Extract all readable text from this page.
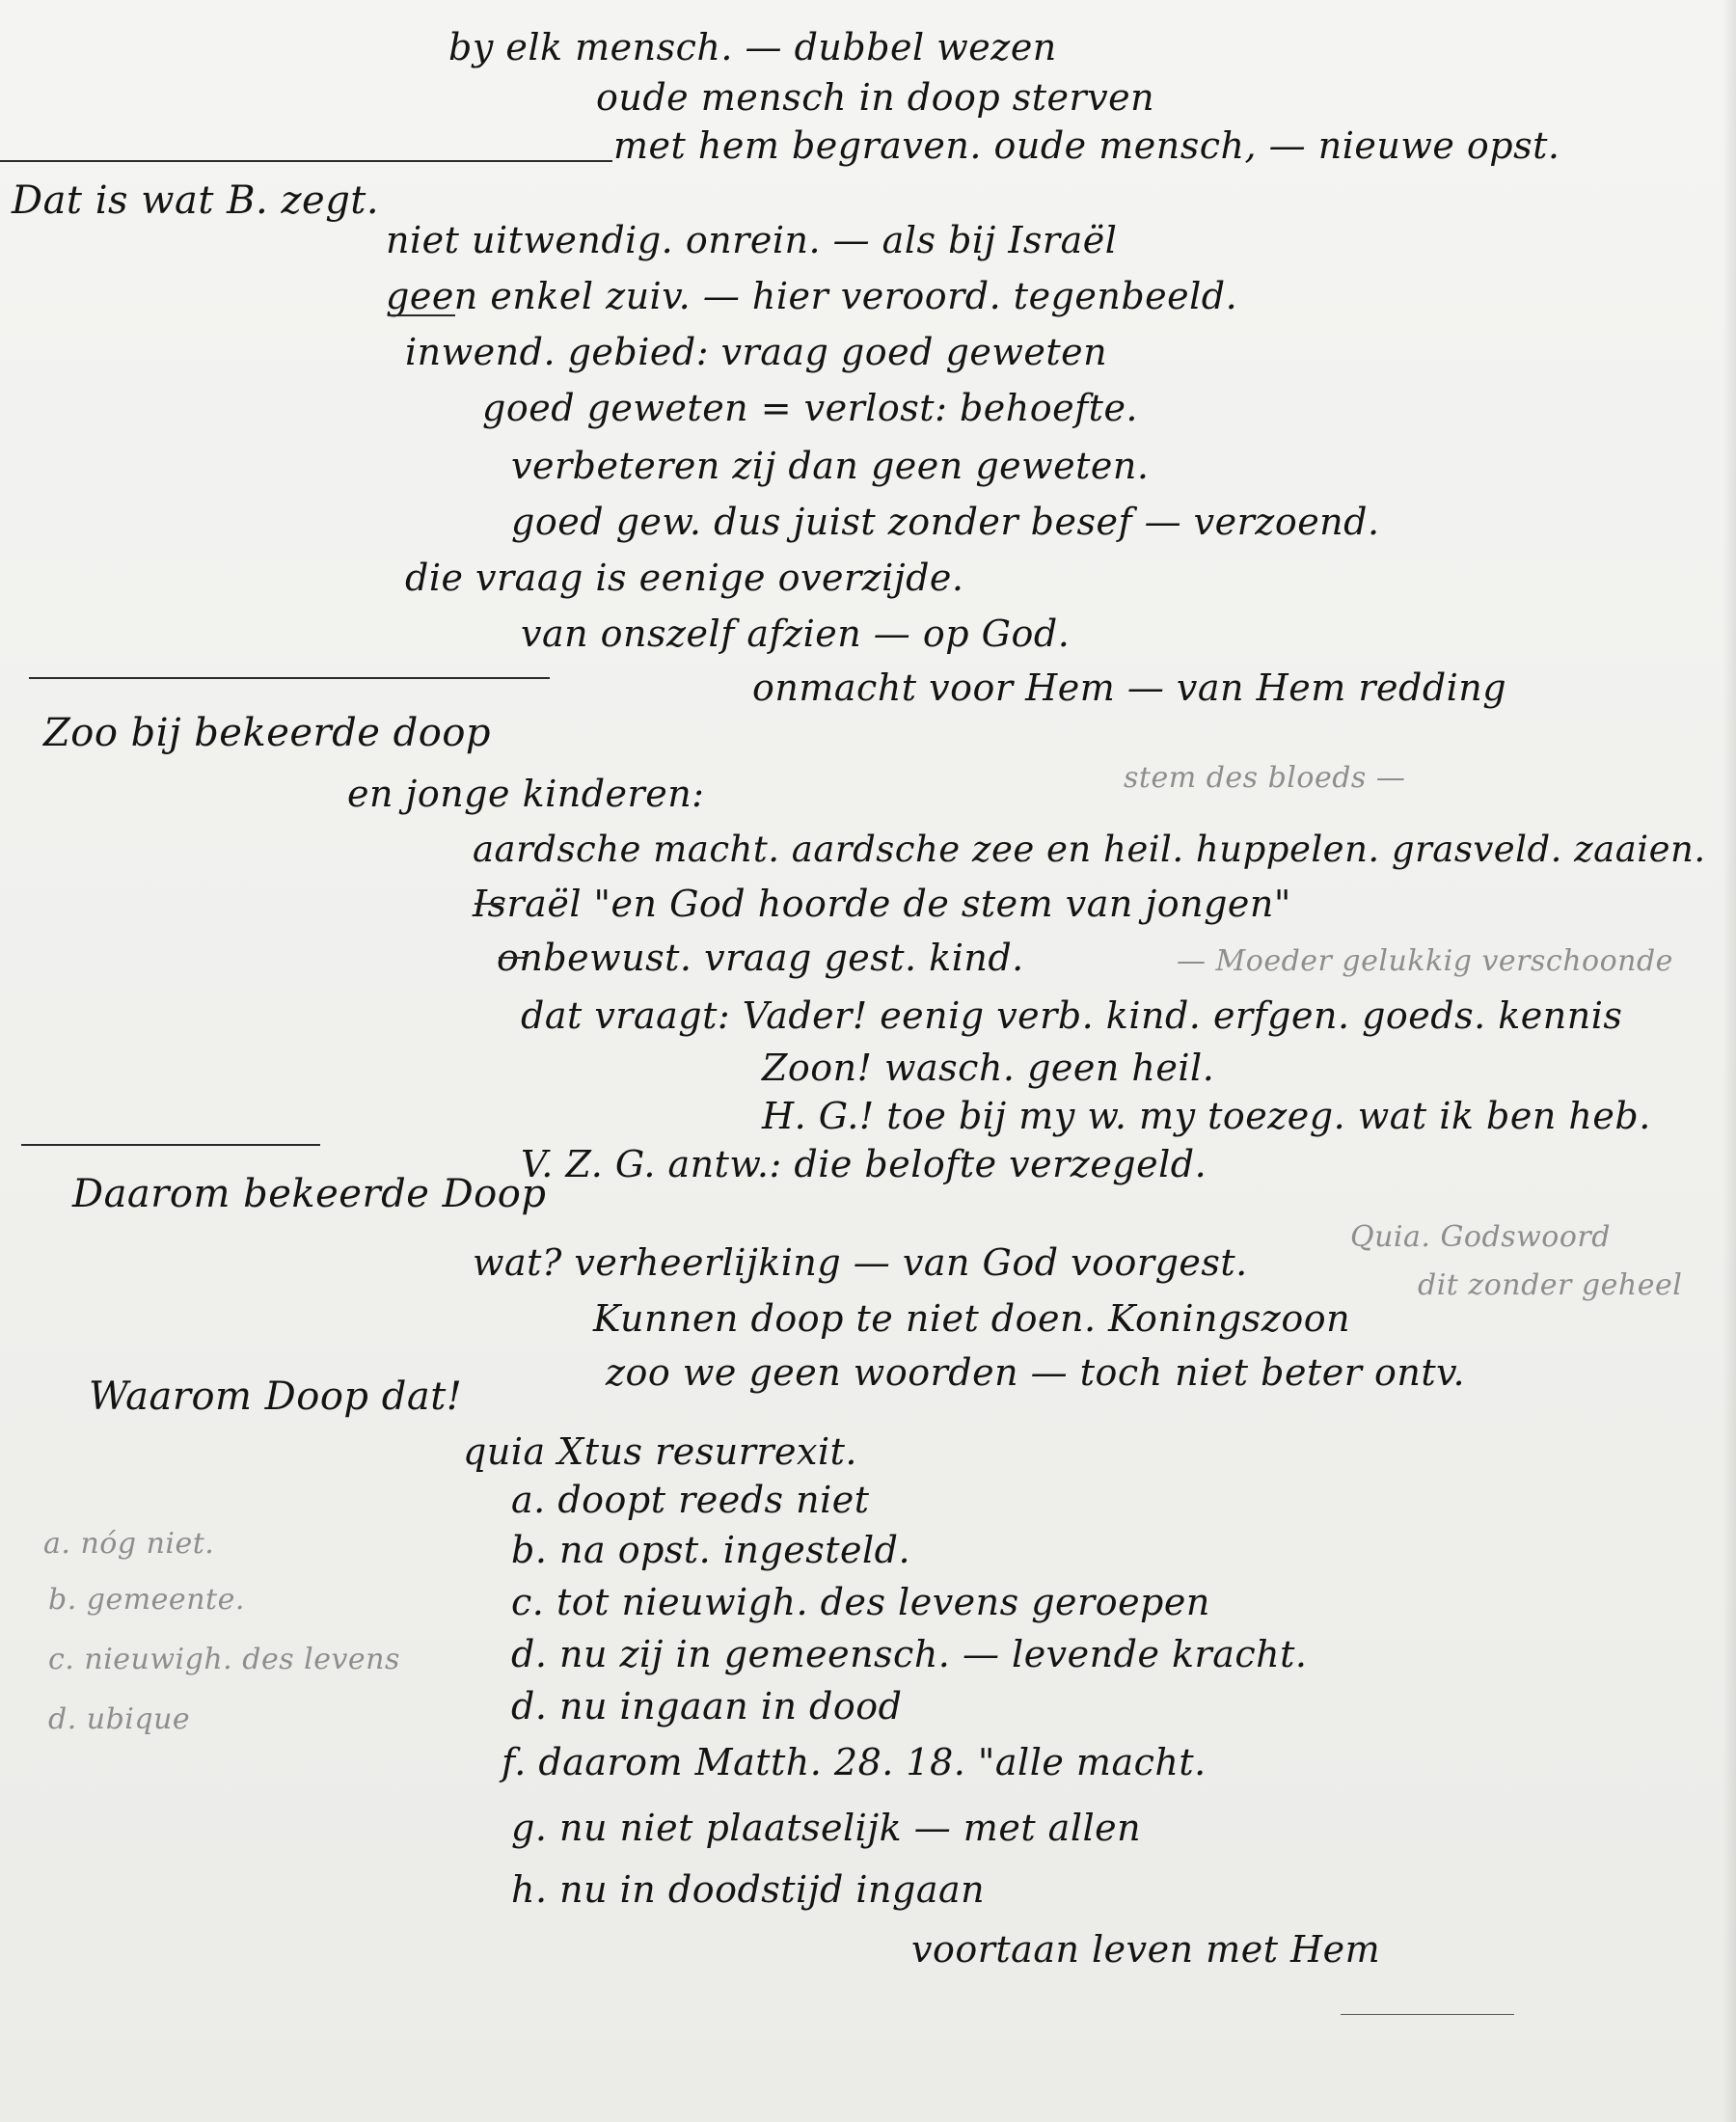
by elk mensch. — dubbel wezen
oude mensch in doop sterven
met hem begraven. oude mensch, — nieuwe opst.
Dat is wat B. zegt.
niet uitwendig. onrein. — als bij Israël
geen enkel zuiv. — hier veroord. tegenbeeld.
inwend. gebied: vraag goed geweten
goed geweten = verlost: behoefte.
verbeteren zij dan geen geweten.
goed gew. dus juist zonder besef — verzoend.
die vraag is eenige overzijde.
van onszelf afzien — op God.
onmacht voor Hem — van Hem redding
Zoo bij bekeerde doop
stem des bloeds —
en jonge kinderen:
aardsche macht. aardsche zee en heil. huppelen. grasveld. zaaien.
Israël "en God hoorde de stem van jongen"
onbewust. vraag gest. kind.	— Moeder gelukkig verschoonde
dat vraagt: Vader! eenig verb. kind. erfgen. goeds. kennis
Zoon! wasch. geen heil.
H. G.! toe bij my w. my toezeg. wat ik ben heb.
V. Z. G. antw.: die belofte verzegeld.
Daarom bekeerde Doop
Quia. Godswoord
dit zonder geheel
wat? verheerlijking — van God voorgest.
Kunnen doop te niet doen. Koningszoon
zoo we geen woorden — toch niet beter ontv.
Waarom Doop dat!
quia Xtus resurrexit.
a. doopt reeds niet
b. na opst. ingesteld.
c. tot nieuwigh. des levens geroepen
d. nu zij in gemeensch. — levende kracht.
d. nu ingaan in dood
f. daarom Matth. 28. 18. "alle macht.
g. nu niet plaatselijk — met allen
h. nu in doodstijd ingaan
voortaan leven met Hem
a. nóg niet.
b. gemeente.
c. nieuwigh. des levens
d. ubique
